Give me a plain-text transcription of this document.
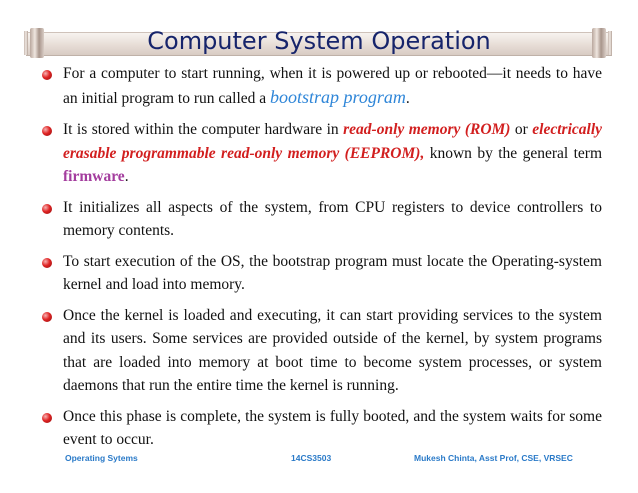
Computer System Operation

For a computer to start running, when it is powered up or rebooted—it needs to have an initial program to run called a bootstrap program.

It is stored within the computer hardware in read-only memory (ROM) or electrically erasable programmable read-only memory (EEPROM), known by the general term firmware.

It initializes all aspects of the system, from CPU registers to device controllers to memory contents.

To start execution of the OS, the bootstrap program must locate the Operating-system kernel and load into memory.

Once the kernel is loaded and executing, it can start providing services to the system and its users. Some services are provided outside of the kernel, by system programs that are loaded into memory at boot time to become system processes, or system daemons that run the entire time the kernel is running.

Once this phase is complete, the system is fully booted, and the system waits for some event to occur.

Operating Sytems	14CS3503	Mukesh Chinta, Asst Prof, CSE, VRSEC
